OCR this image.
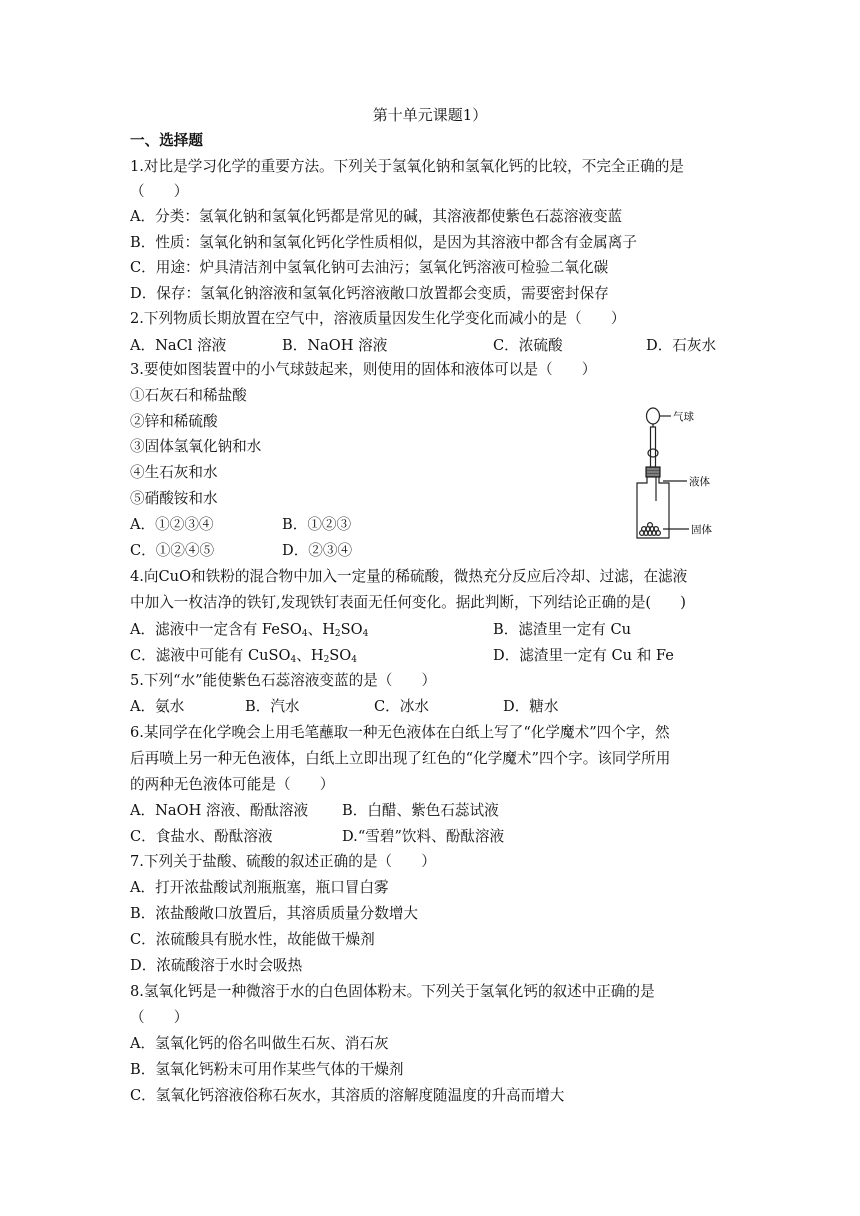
第十单元课题1）
一、选择题
1.对比是学习化学的重要方法。下列关于氢氧化钠和氢氧化钙的比较，不完全正确的是
（　　）
A．分类：氢氧化钠和氢氧化钙都是常见的碱，其溶液都使紫色石蕊溶液变蓝
B．性质：氢氧化钠和氢氧化钙化学性质相似，是因为其溶液中都含有金属离子
C．用途：炉具清洁剂中氢氧化钠可去油污；氢氧化钙溶液可检验二氧化碳
D．保存：氢氧化钠溶液和氢氧化钙溶液敞口放置都会变质，需要密封保存
2.下列物质长期放置在空气中，溶液质量因发生化学变化而减小的是（　　）
A．NaCl 溶液	B．NaOH 溶液	C．浓硫酸	D．石灰水
3.要使如图装置中的小气球鼓起来，则使用的固体和液体可以是（　　）
①石灰石和稀盐酸
②锌和稀硫酸
③固体氢氧化钠和水
④生石灰和水
⑤硝酸铵和水
A．①②③④	B．①②③
C．①②④⑤	D．②③④
气球
液体
固体
4.向CuO和铁粉的混合物中加入一定量的稀硫酸，微热充分反应后冷却、过滤，在滤液
中加入一枚洁净的铁钉,发现铁钉表面无任何变化。据此判断，下列结论正确的是(　　)
A．滤液中一定含有 FeSO$_4$、$H_2SO_4$	B．滤渣里一定有 Cu
C．滤液中可能有 CuSO$_4$、$H_2SO_4$	D．滤渣里一定有 Cu 和 Fe
5.下列“水”能使紫色石蕊溶液变蓝的是（　　）
A．氨水	B．汽水	C．冰水	D．糖水
6.某同学在化学晚会上用毛笔蘸取一种无色液体在白纸上写了“化学魔术”四个字，然
后再喷上另一种无色液体，白纸上立即出现了红色的“化学魔术”四个字。该同学所用
的两种无色液体可能是（　　）
A．NaOH 溶液、酚酞溶液 B．白醋、紫色石蕊试液
C．食盐水、酚酞溶液	D.“雪碧”饮料、酚酞溶液
7.下列关于盐酸、硫酸的叙述正确的是（　　）
A．打开浓盐酸试剂瓶瓶塞，瓶口冒白雾
B．浓盐酸敞口放置后，其溶质质量分数增大
C．浓硫酸具有脱水性，故能做干燥剂
D．浓硫酸溶于水时会吸热
8.氢氧化钙是一种微溶于水的白色固体粉末。下列关于氢氧化钙的叙述中正确的是
（　　）
A．氢氧化钙的俗名叫做生石灰、消石灰
B．氢氧化钙粉末可用作某些气体的干燥剂
C．氢氧化钙溶液俗称石灰水，其溶质的溶解度随温度的升高而增大
